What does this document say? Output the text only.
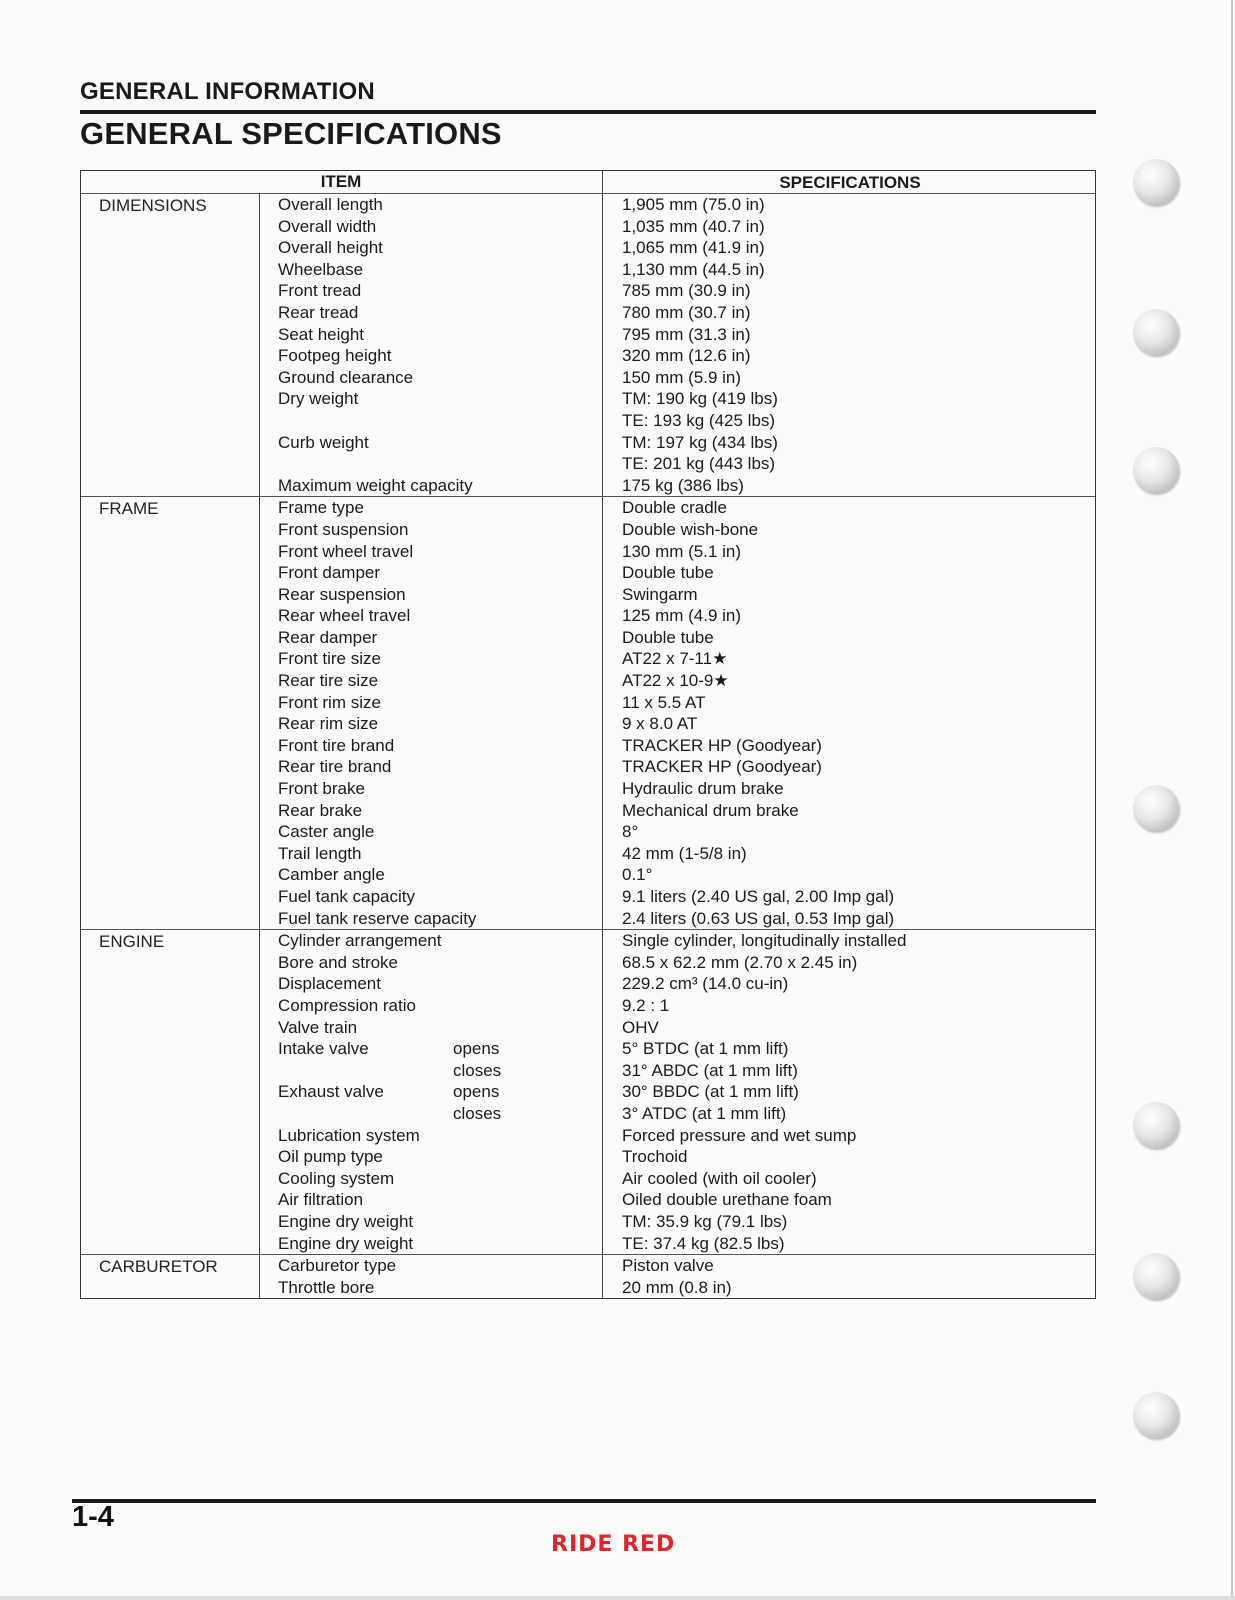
GENERAL INFORMATION
GENERAL SPECIFICATIONS
ITEM	SPECIFICATIONS
DIMENSIONS	Overall length	1,905 mm (75.0 in)
Overall width	1,035 mm (40.7 in)
Overall height	1,065 mm (41.9 in)
Wheelbase	1,130 mm (44.5 in)
Front tread	785 mm (30.9 in)
Rear tread	780 mm (30.7 in)
Seat height	795 mm (31.3 in)
Footpeg height	320 mm (12.6 in)
Ground clearance	150 mm (5.9 in)
Dry weight	TM: 190 kg (419 lbs)
TE: 193 kg (425 lbs)
Curb weight	TM: 197 kg (434 lbs)
TE: 201 kg (443 lbs)
Maximum weight capacity	175 kg (386 lbs)
FRAME	Frame type	Double cradle
Front suspension	Double wish-bone
Front wheel travel	130 mm (5.1 in)
Front damper	Double tube
Rear suspension	Swingarm
Rear wheel travel	125 mm (4.9 in)
Rear damper	Double tube
Front tire size	AT22 x 7-11★
Rear tire size	AT22 x 10-9★
Front rim size	11 x 5.5 AT
Rear rim size	9 x 8.0 AT
Front tire brand	TRACKER HP (Goodyear)
Rear tire brand	TRACKER HP (Goodyear)
Front brake	Hydraulic drum brake
Rear brake	Mechanical drum brake
Caster angle	8°
Trail length	42 mm (1-5/8 in)
Camber angle	0.1°
Fuel tank capacity	9.1 liters (2.40 US gal, 2.00 Imp gal)
Fuel tank reserve capacity	2.4 liters (0.63 US gal, 0.53 Imp gal)
ENGINE	Cylinder arrangement	Single cylinder, longitudinally installed
Bore and stroke	68.5 x 62.2 mm (2.70 x 2.45 in)
Displacement	229.2 cm³ (14.0 cu-in)
Compression ratio	9.2 : 1
Valve train	OHV
Intake valve	opens	5° BTDC (at 1 mm lift)
closes	31° ABDC (at 1 mm lift)
Exhaust valve	opens	30° BBDC (at 1 mm lift)
closes	3° ATDC (at 1 mm lift)
Lubrication system	Forced pressure and wet sump
Oil pump type	Trochoid
Cooling system	Air cooled (with oil cooler)
Air filtration	Oiled double urethane foam
Engine dry weight	TM: 35.9 kg (79.1 lbs)
Engine dry weight	TE: 37.4 kg (82.5 lbs)
CARBURETOR	Carburetor type	Piston valve
Throttle bore	20 mm (0.8 in)
1-4
RIDE RED
